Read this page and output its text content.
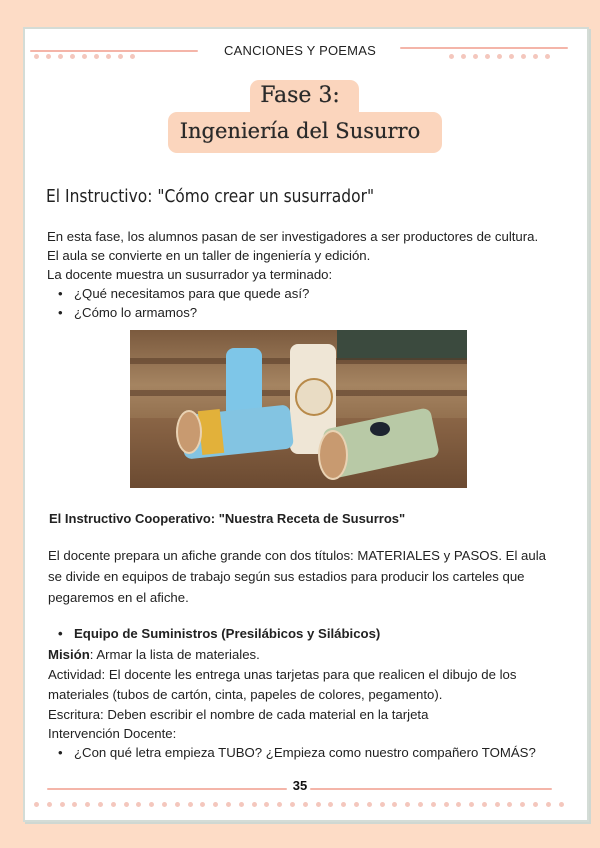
CANCIONES Y POEMAS
Fase 3:
Ingeniería del Susurro
El Instructivo: "Cómo crear un susurrador"
En esta fase, los alumnos pasan de ser investigadores a ser productores de cultura.
El aula se convierte en un taller de ingeniería y edición.
La docente muestra un susurrador ya terminado:
• ¿Qué necesitamos para que quede así?
• ¿Cómo lo armamos?
El Instructivo Cooperativo: "Nuestra Receta de Susurros"
El docente prepara un afiche grande con dos títulos: MATERIALES y PASOS. El aula
se divide en equipos de trabajo según sus estadios para producir los carteles que
pegaremos en el afiche.
• Equipo de Suministros (Presilábicos y Silábicos)
Misión: Armar la lista de materiales.
Actividad: El docente les entrega unas tarjetas para que realicen el dibujo de los
materiales (tubos de cartón, cinta, papeles de colores, pegamento).
Escritura: Deben escribir el nombre de cada material en la tarjeta
Intervención Docente:
• ¿Con qué letra empieza TUBO? ¿Empieza como nuestro compañero TOMÁS?
35
